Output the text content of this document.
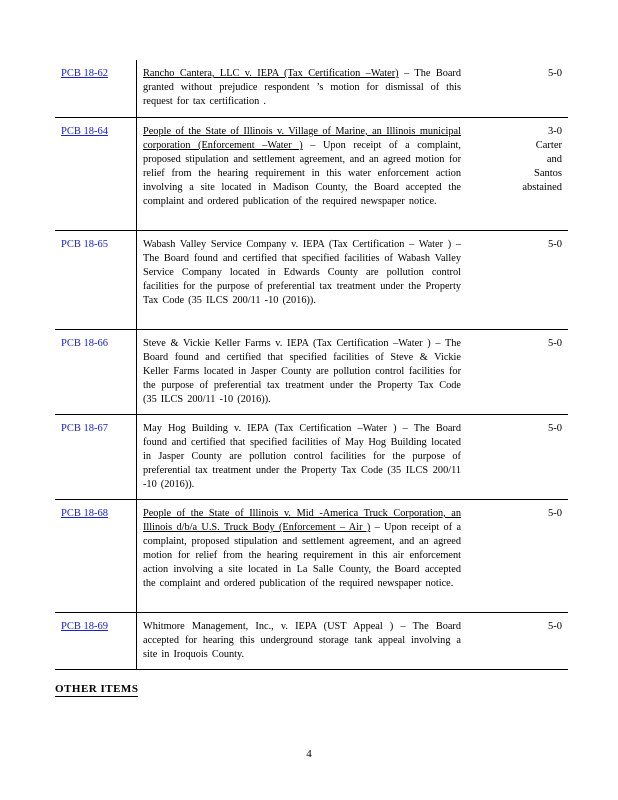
PCB 18-62	Rancho Cantera, LLC v. IEPA (Tax Certification –Water) – The Board granted without prejudice respondent ’s motion for dismissal of this request for tax certification .
5-0
PCB 18-64	People of the State of Illinois v. Village of Marine, an Illinois municipal corporation (Enforcement –Water ) – Upon receipt of a complaint, proposed stipulation and settlement agreement, and an agreed motion for relief from the hearing requirement in this water enforcement action involving a site located in Madison County, the Board accepted the complaint and ordered publication of the required newspaper notice.
3-0
Carter
and
Santos
abstained
PCB 18-65	Wabash Valley Service Company v. IEPA (Tax Certification – Water ) – The Board found and certified that specified facilities of Wabash Valley Service Company located in Edwards County are pollution control facilities for the purpose of preferential tax treatment under the Property Tax Code (35 ILCS 200/11 -10 (2016)).
5-0
PCB 18-66	Steve & Vickie Keller Farms v. IEPA (Tax Certification –Water ) – The Board found and certified that specified facilities of Steve & Vickie Keller Farms located in Jasper County are pollution control facilities for the purpose of preferential tax treatment under the Property Tax Code (35 ILCS 200/11 -10 (2016)).
5-0
PCB 18-67	May Hog Building v. IEPA (Tax Certification –Water ) – The Board found and certified that specified facilities of May Hog Building located in Jasper County are pollution control facilities for the purpose of preferential tax treatment under the Property Tax Code (35 ILCS 200/11 -10 (2016)).
5-0
PCB 18-68	People of the State of Illinois v. Mid -America Truck Corporation, an Illinois d/b/a U.S. Truck Body (Enforcement – Air ) – Upon receipt of a complaint, proposed stipulation and settlement agreement, and an agreed motion for relief from the hearing requirement in this air enforcement action involving a site located in La Salle County, the Board accepted the complaint and ordered publication of the required newspaper notice.
5-0
PCB 18-69	Whitmore Management, Inc., v. IEPA (UST Appeal ) – The Board accepted for hearing this underground storage tank appeal involving a site in Iroquois County.
5-0
OTHER ITEMS
4
